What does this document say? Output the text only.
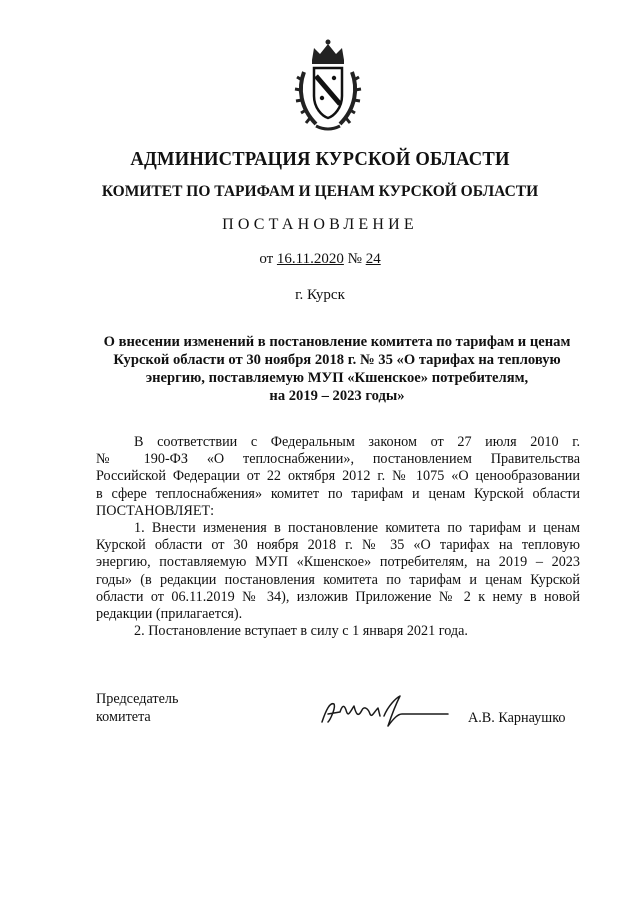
АДМИНИСТРАЦИЯ КУРСКОЙ ОБЛАСТИ
КОМИТЕТ ПО ТАРИФАМ И ЦЕНАМ КУРСКОЙ ОБЛАСТИ
ПОСТАНОВЛЕНИЕ
от 16.11.2020 № 24
г. Курск
О внесении изменений в постановление комитета по тарифам и ценам
Курской области от 30 ноября 2018 г. № 35 «О тарифах на тепловую
энергию, поставляемую МУП «Кшенское» потребителям,
на 2019 – 2023 годы»
В соответствии с Федеральным законом от 27 июля 2010 г.
№ 190-ФЗ «О теплоснабжении», постановлением Правительства
Российской Федерации от 22 октября 2012 г. № 1075 «О ценообразовании
в сфере теплоснабжения» комитет по тарифам и ценам Курской области
ПОСТАНОВЛЯЕТ:
1. Внести изменения в постановление комитета по тарифам и ценам
Курской области от 30 ноября 2018 г. № 35 «О тарифах на тепловую
энергию, поставляемую МУП «Кшенское» потребителям, на 2019 – 2023
годы» (в редакции постановления комитета по тарифам и ценам Курской
области от 06.11.2019 № 34), изложив Приложение № 2 к нему в новой
редакции (прилагается).
2. Постановление вступает в силу с 1 января 2021 года.
Председатель
комитета	А.В. Карнаушко
